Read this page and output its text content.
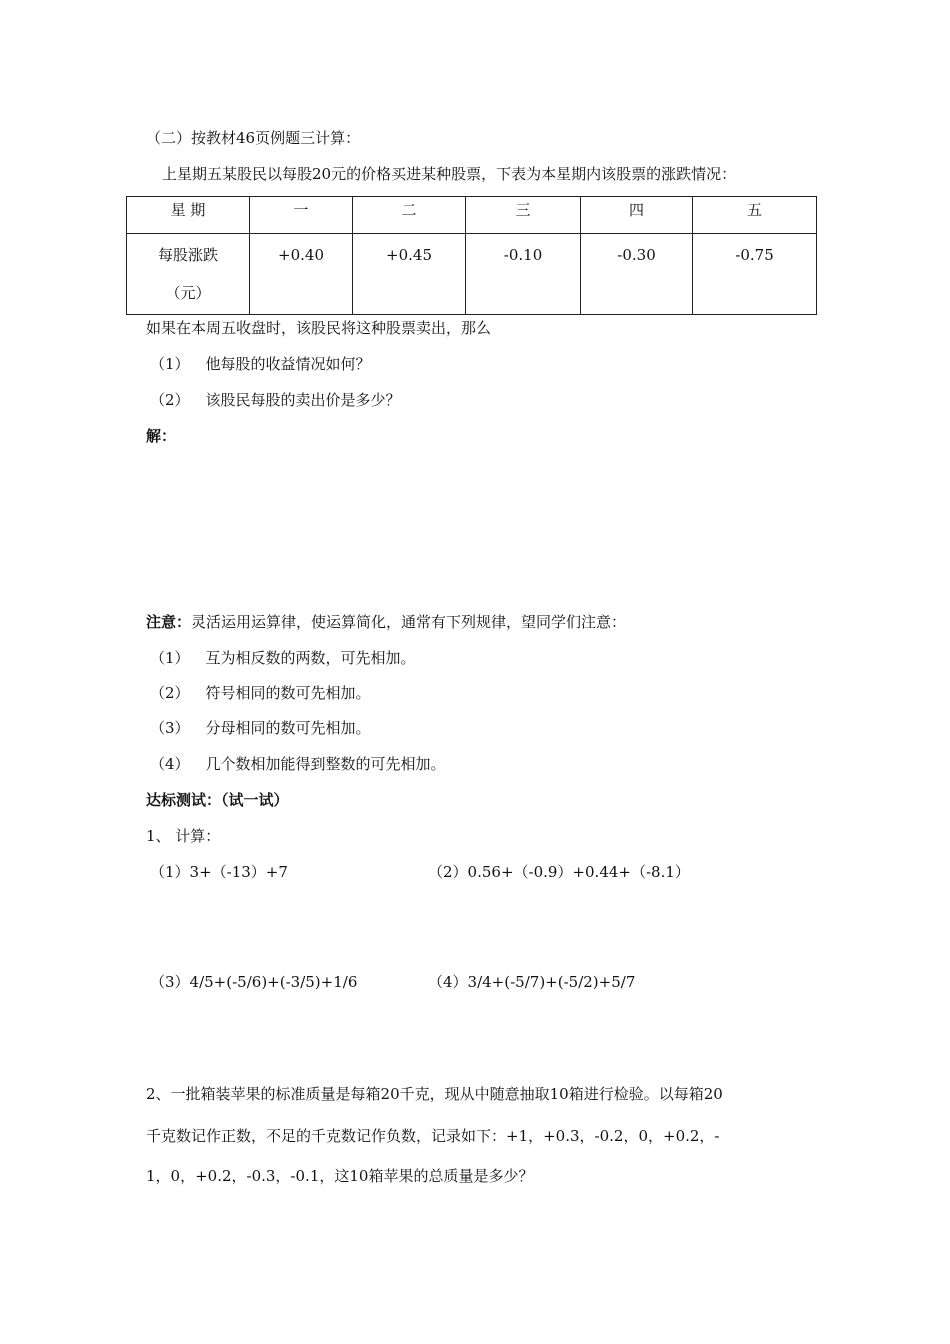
（二）按教材46页例题三计算：
上星期五某股民以每股20元的价格买进某种股票，下表为本星期内该股票的涨跌情况：
星 期	一	二	三	四	五

每股涨跌
（元）	+0.40	+0.45	-0.10	-0.30	-0.75
如果在本周五收盘时，该股民将这种股票卖出，那么
（1） 他每股的收益情况如何？
（2） 该股民每股的卖出价是多少？
解：
注意：灵活运用运算律，使运算简化，通常有下列规律，望同学们注意：
（1） 互为相反数的两数，可先相加。
（2） 符号相同的数可先相加。
（3） 分母相同的数可先相加。
（4） 几个数相加能得到整数的可先相加。
达标测试：（试一试）
1、 计算：
（1）3+（-13）+7	（2）0.56+（-0.9）+0.44+（-8.1）
（3）4/5+(-5/6)+(-3/5)+1/6	（4）3/4+(-5/7)+(-5/2)+5/7
2、一批箱装苹果的标准质量是每箱20千克，现从中随意抽取10箱进行检验。以每箱20
千克数记作正数，不足的千克数记作负数，记录如下：+1，+0.3，-0.2，0，+0.2，-
1，0，+0.2，-0.3，-0.1，这10箱苹果的总质量是多少？
